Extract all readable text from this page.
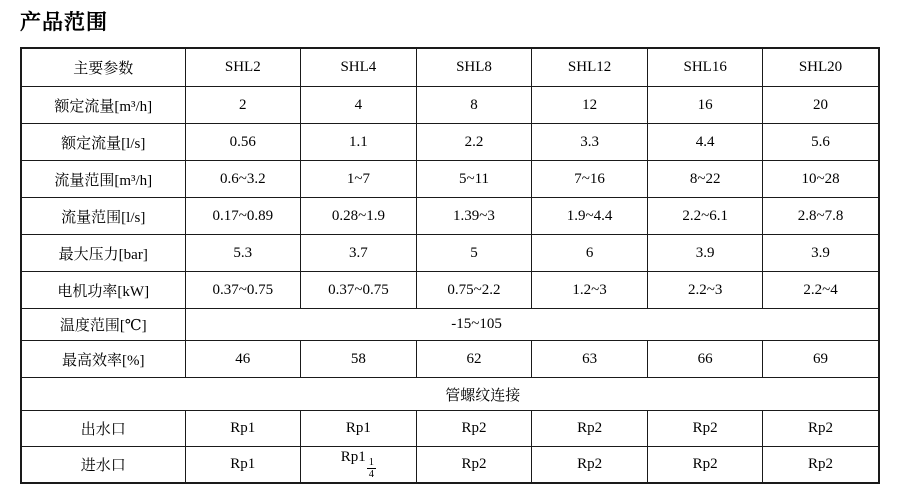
产品范围
主要参数	SHL2	SHL4	SHL8	SHL12	SHL16	SHL20
额定流量[m³/h]	2	4	8	12	16	20
额定流量[l/s]	0.56	1.1	2.2	3.3	4.4	5.6
流量范围[m³/h]	0.6~3.2	1~7	5~11	7~16	8~22	10~28
流量范围[l/s]	0.17~0.89	0.28~1.9	1.39~3	1.9~4.4	2.2~6.1	2.8~7.8
最大压力[bar]	5.3	3.7	5	6	3.9	3.9
电机功率[kW]	0.37~0.75	0.37~0.75	0.75~2.2	1.2~3	2.2~3	2.2~4
温度范围[℃]	-15~105					
最高效率[%]	46	58	62	63	66	69
管螺纹连接						
出水口	Rp1	Rp1	Rp2	Rp2	Rp2	Rp2
进水口	Rp1	$Rp1 \frac{1}{4}$	Rp2	Rp2	Rp2	Rp2
